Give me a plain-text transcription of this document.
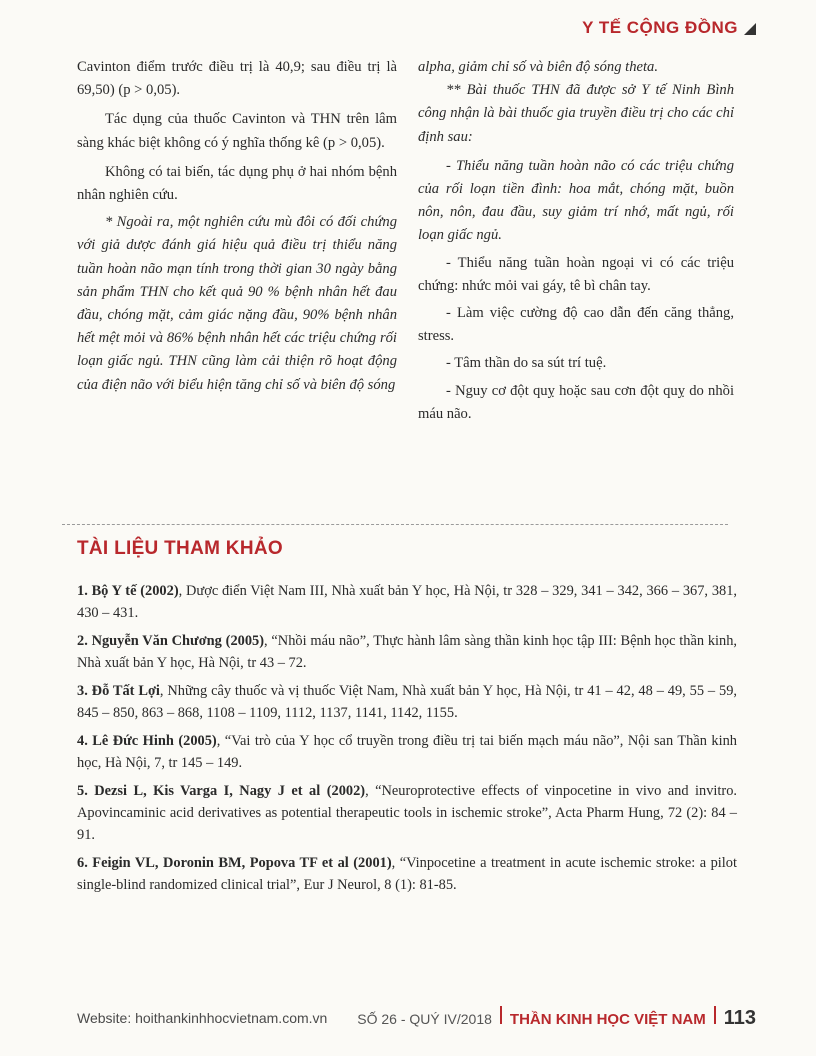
Y TẾ CỘNG ĐỒNG

Cavinton điểm trước điều trị là 40,9; sau điều trị là 69,50) (p > 0,05).

Tác dụng của thuốc Cavinton và THN trên lâm sàng khác biệt không có ý nghĩa thống kê (p > 0,05).

Không có tai biến, tác dụng phụ ở hai nhóm bệnh nhân nghiên cứu.

* Ngoài ra, một nghiên cứu mù đôi có đối chứng với giả dược đánh giá hiệu quả điều trị thiểu năng tuần hoàn não mạn tính trong thời gian 30 ngày bằng sản phẩm THN cho kết quả 90 % bệnh nhân hết đau đầu, chóng mặt, cảm giác nặng đầu, 90% bệnh nhân hết mệt mỏi và 86% bệnh nhân hết các triệu chứng rối loạn giấc ngủ. THN cũng làm cải thiện rõ hoạt động của điện não với biểu hiện tăng chỉ số và biên độ sóng

alpha, giảm chỉ số và biên độ sóng theta.

** Bài thuốc THN đã được sở Y tế Ninh Bình công nhận là bài thuốc gia truyền điều trị cho các chỉ định sau:

- Thiểu năng tuần hoàn não có các triệu chứng của rối loạn tiền đình: hoa mắt, chóng mặt, buồn nôn, nôn, đau đầu, suy giảm trí nhớ, mất ngủ, rối loạn giấc ngủ.

- Thiểu năng tuần hoàn ngoại vi có các triệu chứng: nhức mỏi vai gáy, tê bì chân tay.

- Làm việc cường độ cao dẫn đến căng thẳng, stress.

- Tâm thần do sa sút trí tuệ.

- Nguy cơ đột quỵ hoặc sau cơn đột quỵ do nhồi máu não.

TÀI LIỆU THAM KHẢO

1. Bộ Y tế (2002), Dược điển Việt Nam III, Nhà xuất bản Y học, Hà Nội, tr 328 – 329, 341 – 342, 366 – 367, 381, 430 – 431.

2. Nguyễn Văn Chương (2005), “Nhồi máu não”, Thực hành lâm sàng thần kinh học tập III: Bệnh học thần kinh, Nhà xuất bản Y học, Hà Nội, tr 43 – 72.

3. Đỗ Tất Lợi, Những cây thuốc và vị thuốc Việt Nam, Nhà xuất bản Y học, Hà Nội, tr 41 – 42, 48 – 49, 55 – 59, 845 – 850, 863 – 868, 1108 – 1109, 1112, 1137, 1141, 1142, 1155.

4. Lê Đức Hinh (2005), “Vai trò của Y học cổ truyền trong điều trị tai biến mạch máu não”, Nội san Thần kinh học, Hà Nội, 7, tr 145 – 149.

5. Dezsi L, Kis Varga I, Nagy J et al (2002), “Neuroprotective effects of vinpocetine in vivo and invitro. Apovincaminic acid derivatives as potential therapeutic tools in ischemic stroke”, Acta Pharm Hung, 72 (2): 84 – 91.

6. Feigin VL, Doronin BM, Popova TF et al (2001), “Vinpocetine a treatment in acute ischemic stroke: a pilot single-blind randomized clinical trial”, Eur J Neurol, 8 (1): 81-85.

Website: hoithankinhhocvietnam.com.vn SỐ 26 - QUÝ IV/2018 THẦN KINH HỌC VIỆT NAM 113
